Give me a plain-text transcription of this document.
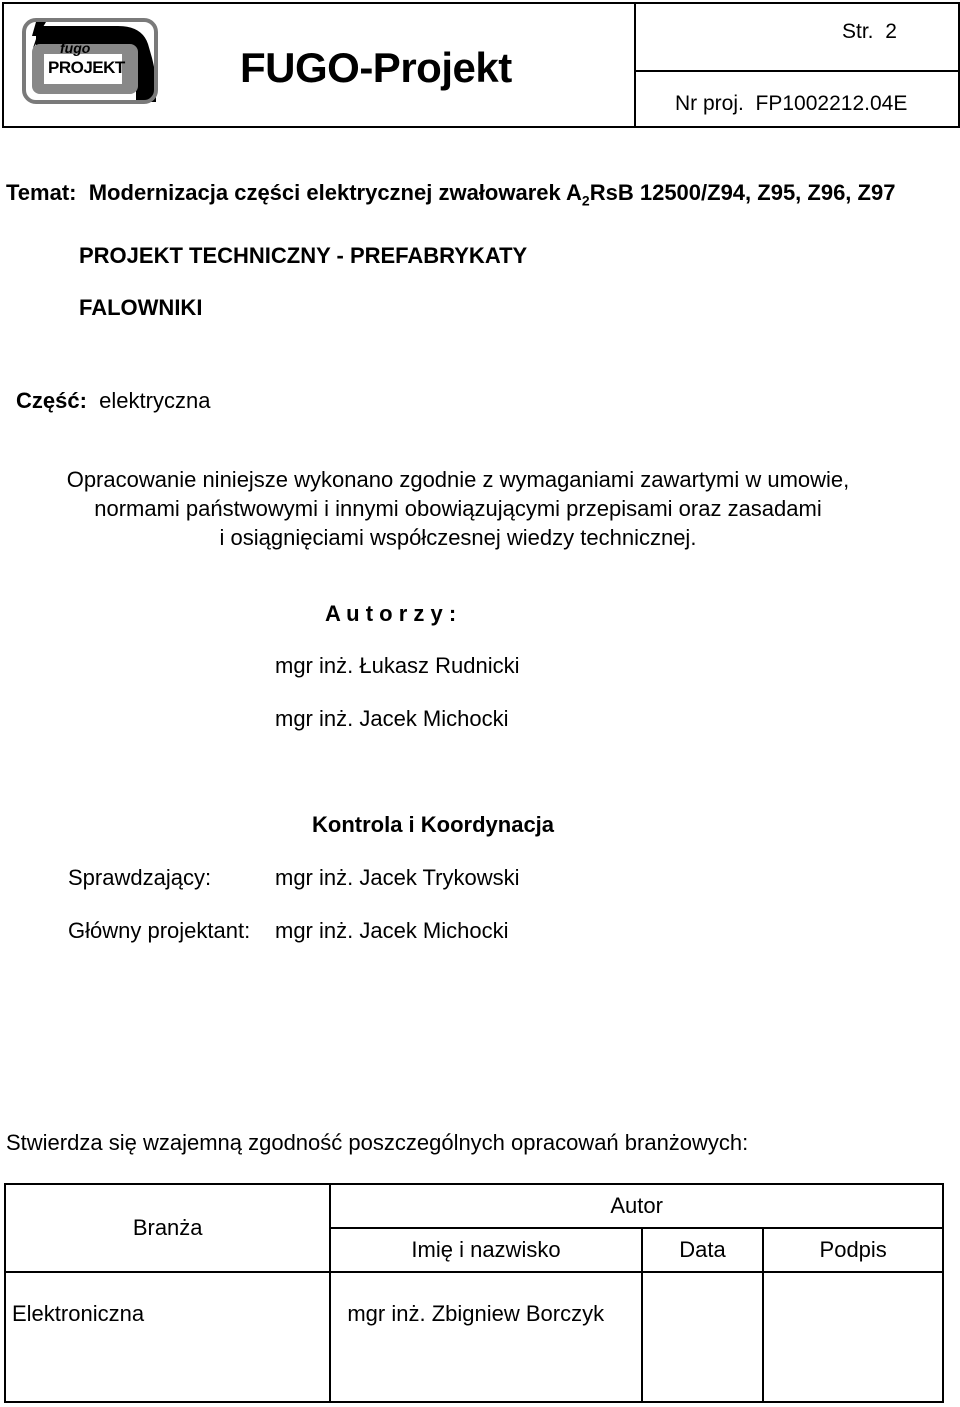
fugo
PROJEKT	FUGO-Projekt
Str. 2
Nr proj. FP1002212.04E
Temat: Modernizacja części elektrycznej zwałowarek $A_2RsB$ 12500/Z94, Z95, Z96, Z97
PROJEKT TECHNICZNY - PREFABRYKATY
FALOWNIKI
Część: elektryczna
Opracowanie niniejsze wykonano zgodnie z wymaganiami zawartymi w umowie,
normami państwowymi i innymi obowiązującymi przepisami oraz zasadami
i osiągnięciami współczesnej wiedzy technicznej.
A u t o r z y :
mgr inż. Łukasz Rudnicki
mgr inż. Jacek Michocki
Kontrola i Koordynacja
Sprawdzający:	mgr inż. Jacek Trykowski
Główny projektant: mgr inż. Jacek Michocki
Stwierdza się wzajemną zgodność poszczególnych opracowań branżowych:
Branża	Autor		
	Imię i nazwisko	Data	Podpis
Elektroniczna	mgr inż. Zbigniew Borczyk		
